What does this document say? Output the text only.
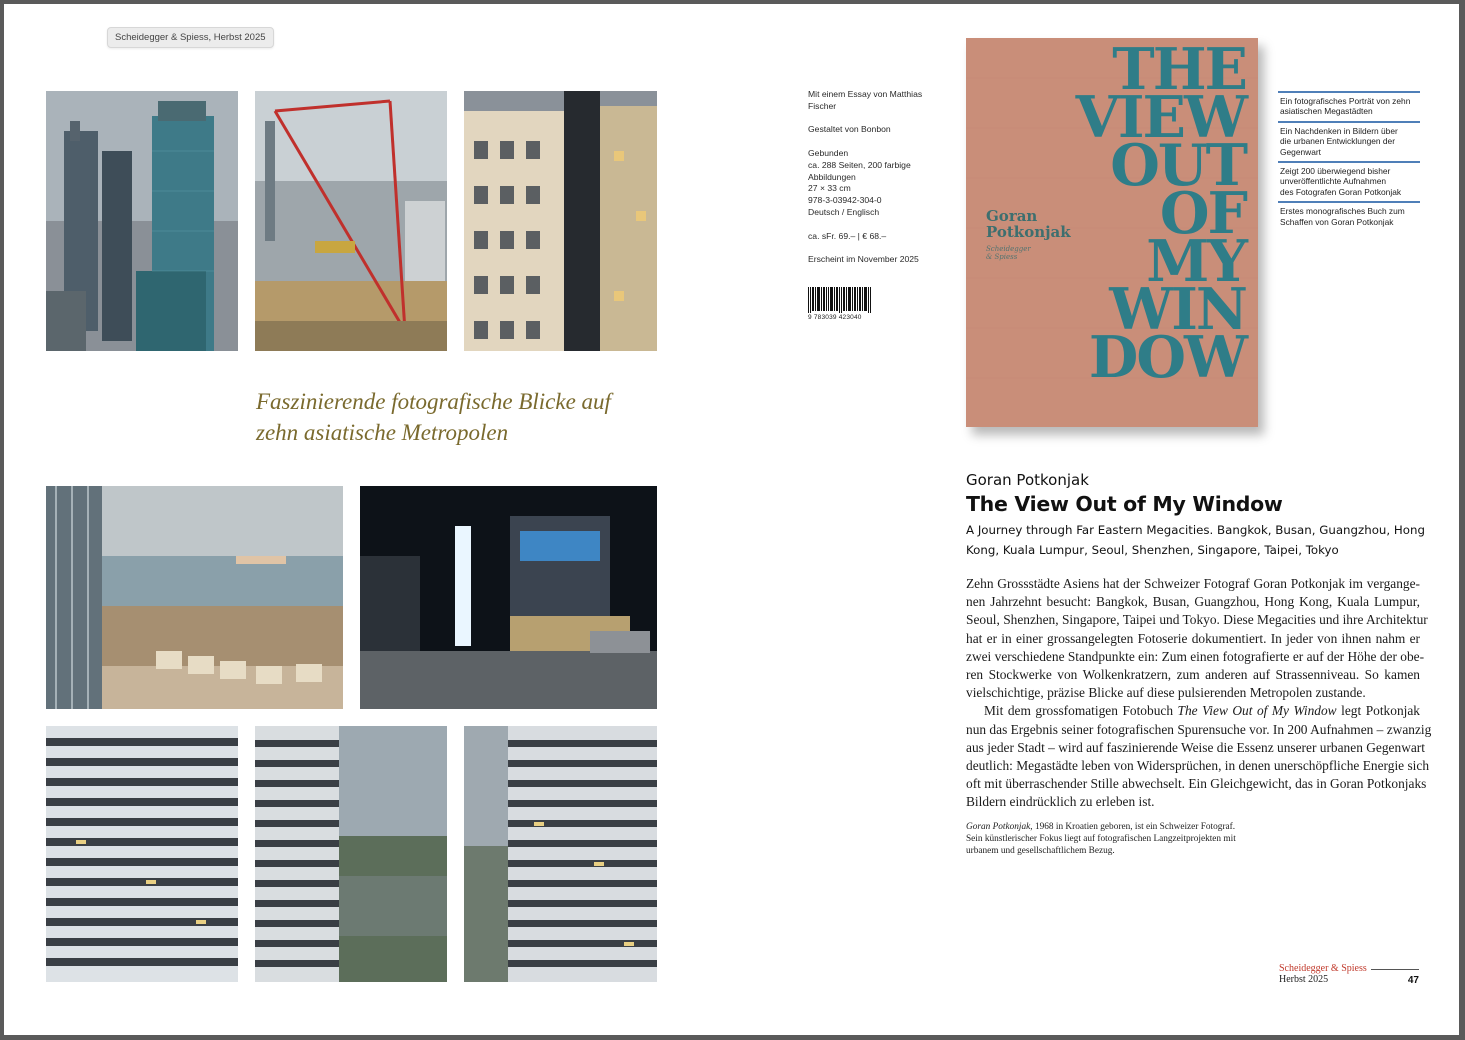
Scheidegger & Spiess, Herbst 2025
Faszinierende fotografische Blicke auf
zehn asiatische Metropolen
Mit einem Essay von Matthias
Fischer
Gestaltet von Bonbon
Gebunden
ca. 288 Seiten, 200 farbige
Abbildungen
27 × 33 cm
978-3-03942-304-0
Deutsch / Englisch
ca. sFr. 69.– | € 68.–
Erscheint im November 2025
9 783039 423040
THE
VIEW
OUT
OF
MY
WIN
DOW
Goran
Potkonjak
Scheidegger
& Spiess
Ein fotografisches Porträt von zehn
asiatischen Megastädten
Ein Nachdenken in Bildern über
die urbanen Entwicklungen der
Gegenwart
Zeigt 200 überwiegend bisher
unveröffentlichte Aufnahmen
des Fotografen Goran Potkonjak
Erstes monografisches Buch zum
Schaffen von Goran Potkonjak
Goran Potkonjak
The View Out of My Window
A Journey through Far Eastern Megacities. Bangkok, Busan, Guangzhou, Hong
Kong, Kuala Lumpur, Seoul, Shenzhen, Singapore, Taipei, Tokyo
Zehn Grossstädte Asiens hat der Schweizer Fotograf Goran Potkonjak im vergange-
nen Jahrzehnt besucht: Bangkok, Busan, Guangzhou, Hong Kong, Kuala Lumpur,
Seoul, Shenzhen, Singapore, Taipei und Tokyo. Diese Megacities und ihre Architektur
hat er in einer grossangelegten Fotoserie dokumentiert. In jeder von ihnen nahm er
zwei verschiedene Standpunkte ein: Zum einen fotografierte er auf der Höhe der obe-
ren Stockwerke von Wolkenkratzern, zum anderen auf Strassenniveau. So kamen
vielschichtige, präzise Blicke auf diese pulsierenden Metropolen zustande.
Mit dem grossfomatigen Fotobuch The View Out of My Window legt Potkonjak
nun das Ergebnis seiner fotografischen Spurensuche vor. In 200 Aufnahmen – zwanzig
aus jeder Stadt – wird auf faszinierende Weise die Essenz unserer urbanen Gegenwart
deutlich: Megastädte leben von Widersprüchen, in denen unerschöpfliche Energie sich
oft mit überraschender Stille abwechselt. Ein Gleichgewicht, das in Goran Potkonjaks
Bildern eindrücklich zu erleben ist.
Goran Potkonjak, 1968 in Kroatien geboren, ist ein Schweizer Fotograf.
Sein künstlerischer Fokus liegt auf fotografischen Langzeitprojekten mit
urbanem und gesellschaftlichem Bezug.
Scheidegger & Spiess
Herbst 2025	47
